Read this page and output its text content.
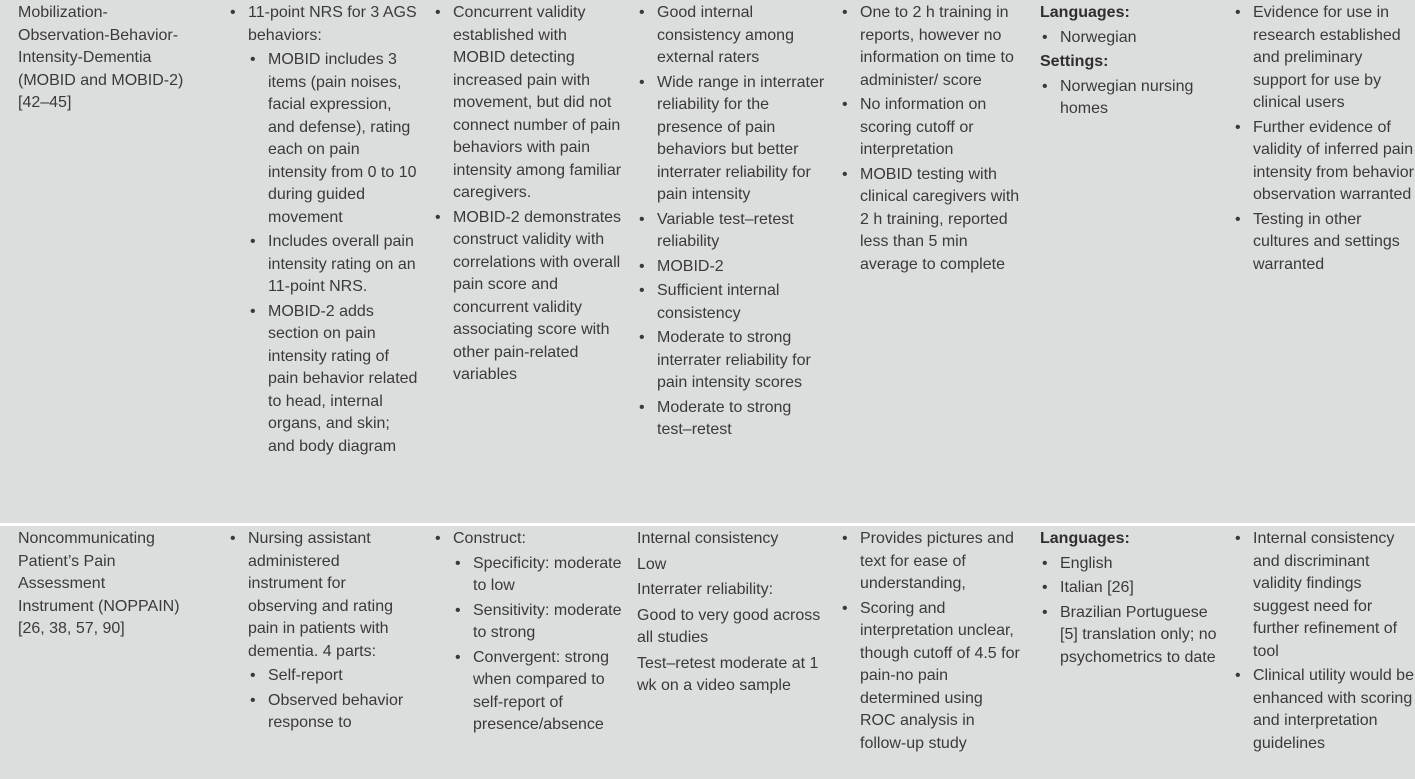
Mobilization-
Observation-Behavior-
Intensity-Dementia
(MOBID and MOBID-2)
[42–45]
• 11-point NRS for 3 AGS behaviors:
• MOBID includes 3 items (pain noises, facial expression, and defense), rating each on pain intensity from 0 to 10 during guided movement
• Includes overall pain intensity rating on an 11-point NRS.
• MOBID-2 adds section on pain intensity rating of pain behavior related to head, internal organs, and skin; and body diagram
• Concurrent validity established with MOBID detecting increased pain with movement, but did not connect number of pain behaviors with pain intensity among familiar caregivers.
• MOBID-2 demonstrates construct validity with correlations with overall pain score and concurrent validity associating score with other pain-related variables
• Good internal consistency among external raters
• Wide range in interrater reliability for the presence of pain behaviors but better interrater reliability for pain intensity
• Variable test–retest reliability
• MOBID-2
• Sufficient internal consistency
• Moderate to strong interrater reliability for pain intensity scores
• Moderate to strong test–retest
• One to 2 h training in reports, however no information on time to administer/ score
• No information on scoring cutoff or interpretation
• MOBID testing with clinical caregivers with 2 h training, reported less than 5 min average to complete
Languages:
• Norwegian
Settings:
• Norwegian nursing homes
• Evidence for use in research established and preliminary support for use by clinical users
• Further evidence of validity of inferred pain intensity from behavior observation warranted
• Testing in other cultures and settings warranted
Noncommunicating
Patient’s Pain
Assessment
Instrument (NOPPAIN)
[26, 38, 57, 90]
• Nursing assistant administered instrument for observing and rating pain in patients with dementia. 4 parts:
• Self-report
• Observed behavior response to
• Construct:
• Specificity: moderate to low
• Sensitivity: moderate to strong
• Convergent: strong when compared to self-report of presence/absence

Internal consistency

Low

Interrater reliability:

Good to very good across all studies

Test–retest moderate at 1 wk on a video sample

• Provides pictures and text for ease of understanding,
• Scoring and interpretation unclear, though cutoff of 4.5 for pain-no pain determined using ROC analysis in follow-up study
Languages:
• English
• Italian [26]
• Brazilian Portuguese [5] translation only; no psychometrics to date
• Internal consistency and discriminant validity findings suggest need for further refinement of tool
• Clinical utility would be enhanced with scoring and interpretation guidelines
